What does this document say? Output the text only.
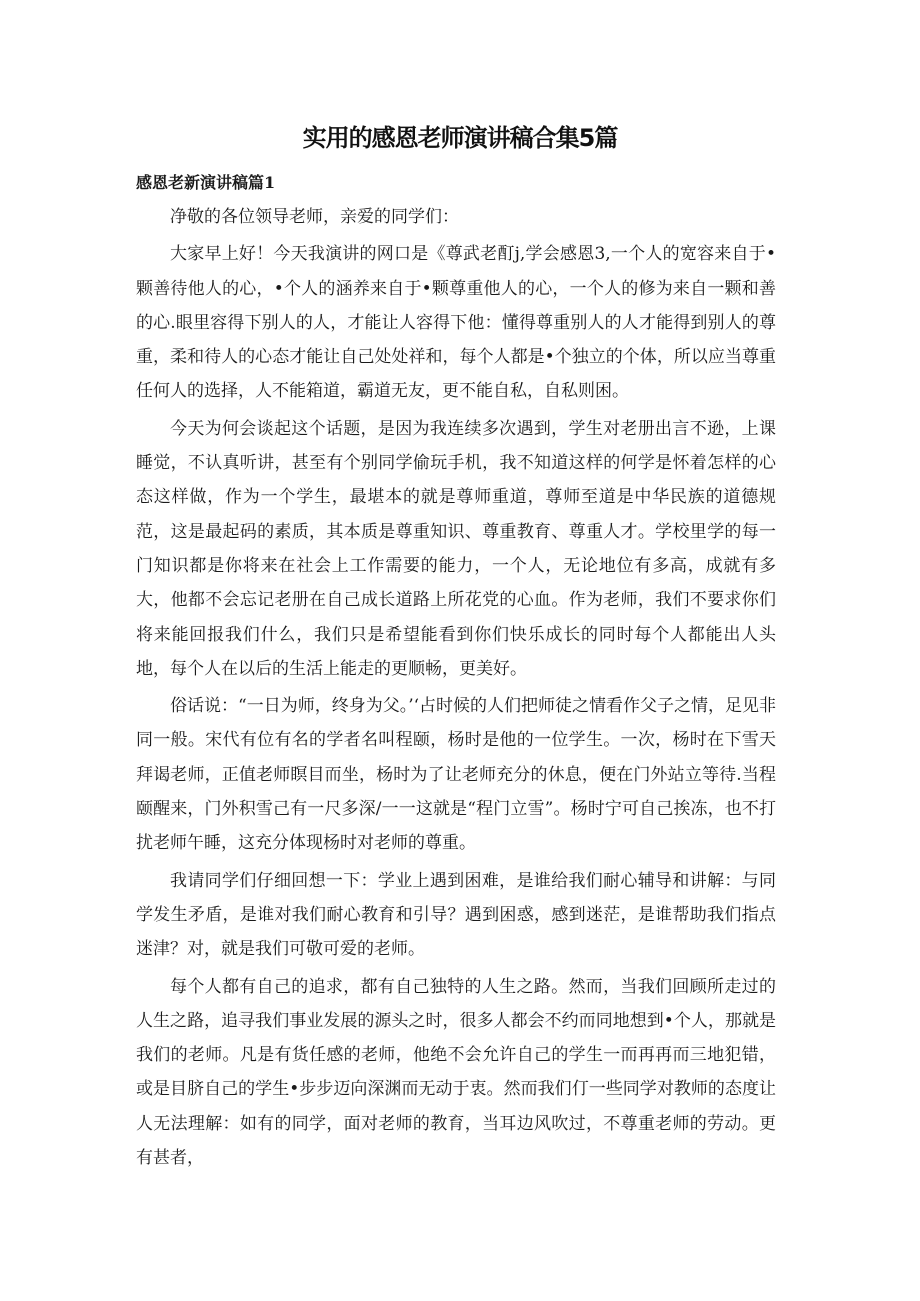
实用的感恩老师演讲稿合集5篇
感恩老新演讲稿篇1

净敬的各位领导老师，亲爱的同学们：

大家早上好！今天我演讲的网口是《尊武老酊j,学会感恩3,一个人的宽容来自于•颗善待他人的心，•个人的涵养来自于•颗尊重他人的心，一个人的修为来自一颗和善的心.眼里容得下别人的人，才能让人容得下他：懂得尊重别人的人才能得到别人的尊重，柔和待人的心态才能让自己处处祥和，每个人都是•个独立的个体，所以应当尊重任何人的选择，人不能箱道，霸道无友，更不能自私，自私则困。

今天为何会谈起这个话题，是因为我连续多次遇到，学生对老册出言不逊，上课睡觉，不认真听讲，甚至有个别同学偷玩手机，我不知道这样的何学是怀着怎样的心态这样做，作为一个学生，最堪本的就是尊师重道，尊师至道是中华民族的道德规范，这是最起码的素质，其本质是尊重知识、尊重教育、尊重人才。学校里学的每一门知识都是你将来在社会上工作需要的能力，一个人，无论地位有多高，成就有多大，他都不会忘记老册在自己成长道路上所花党的心血。作为老师，我们不要求你们将来能回报我们什么，我们只是希望能看到你们快乐成长的同时每个人都能出人头地，每个人在以后的生活上能走的更顺畅，更美好。

俗话说：“一日为师，终身为父。’‘占时候的人们把师徒之情看作父子之情，足见非同一般。宋代有位有名的学者名叫程颐，杨时是他的一位学生。一次，杨时在下雪天拜谒老师，正值老师瞑目而坐，杨时为了让老师充分的休息，便在门外站立等待.当程颐醒来，门外积雪己有一尺多深/一一这就是“程门立雪”。杨时宁可自己挨冻，也不打扰老师午睡，这充分体现杨时对老师的尊重。

我请同学们仔细回想一下：学业上遇到困难，是谁给我们耐心辅导和讲解：与同学发生矛盾，是谁对我们耐心教育和引导？遇到困惑，感到迷茫，是谁帮助我们指点迷津？对，就是我们可敬可爱的老师。

每个人都有自己的追求，都有自己独特的人生之路。然而，当我们回顾所走过的人生之路，追寻我们事业发展的源头之时，很多人都会不约而同地想到•个人，那就是我们的老师。凡是有货任感的老师，他绝不会允许自己的学生一而再再而三地犯错，或是目脐自己的学生•步步迈向深渊而无动于衷。然而我们仃一些同学对教师的态度让人无法理解：如有的同学，面对老师的教育，当耳边风吹过，不尊重老师的劳动。更有甚者，
